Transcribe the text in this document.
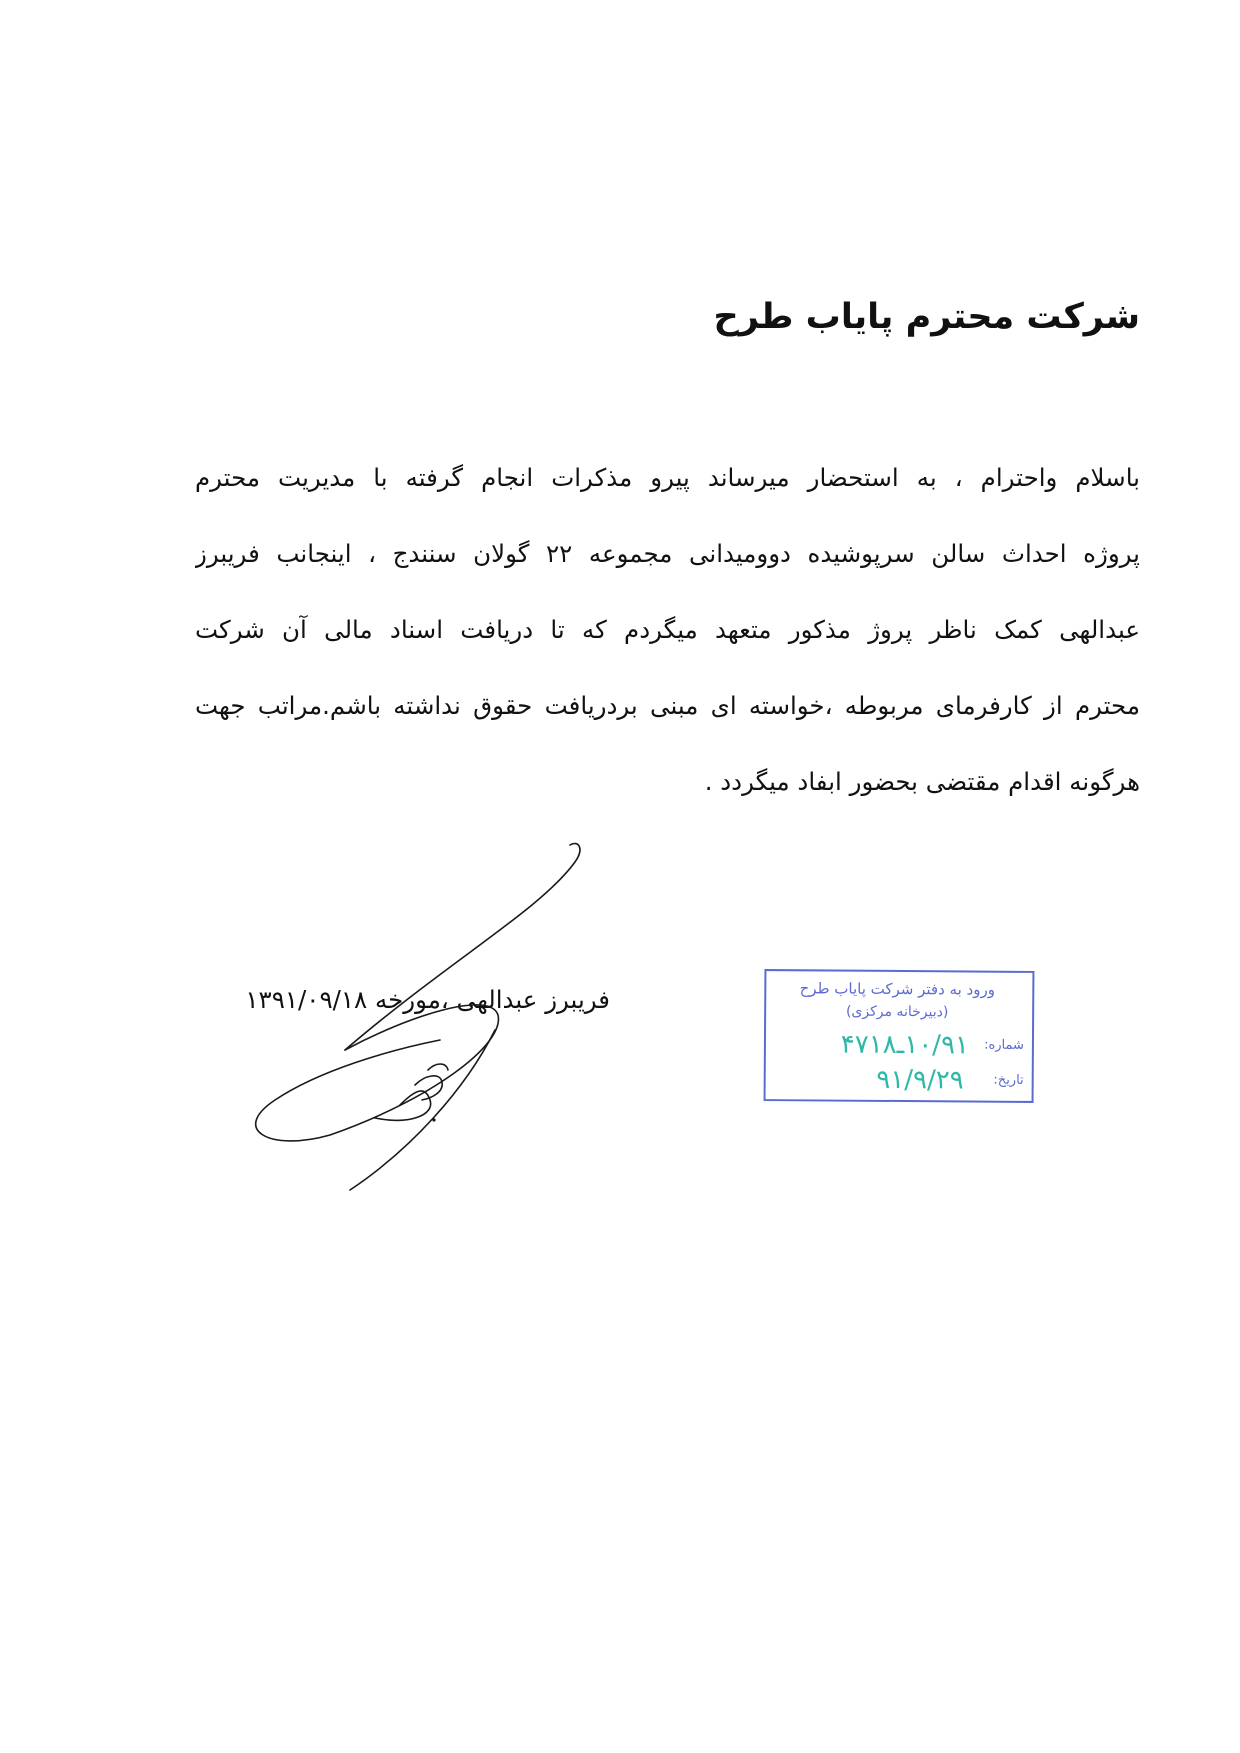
شرکت محترم پایاب طرح
باسلام واحترام ، به استحضار میرساند پیرو مذکرات انجام گرفته با مدیریت محترم
پروژه احداث سالن سرپوشیده دوومیدانی مجموعه ۲۲ گولان سنندج ، اینجانب فریبرز
عبدالهی کمک ناظر پروژ مذکور متعهد میگردم که تا دریافت اسناد مالی آن شرکت
محترم از کارفرمای مربوطه ،خواسته ای مبنی بردریافت حقوق نداشته باشم.مراتب جهت
هرگونه اقدام مقتضی بحضور ابفاد میگردد .
فریبرز عبدالهی ،مورخه ۱۳۹۱/۰۹/۱۸	ورود به دفتر شرکت پایاب طرح
(دبیرخانه مرکزی)
شماره:
۱۰/۹۱ـ۴۷۱۸
تاریخ:
۹۱/۹/۲۹
